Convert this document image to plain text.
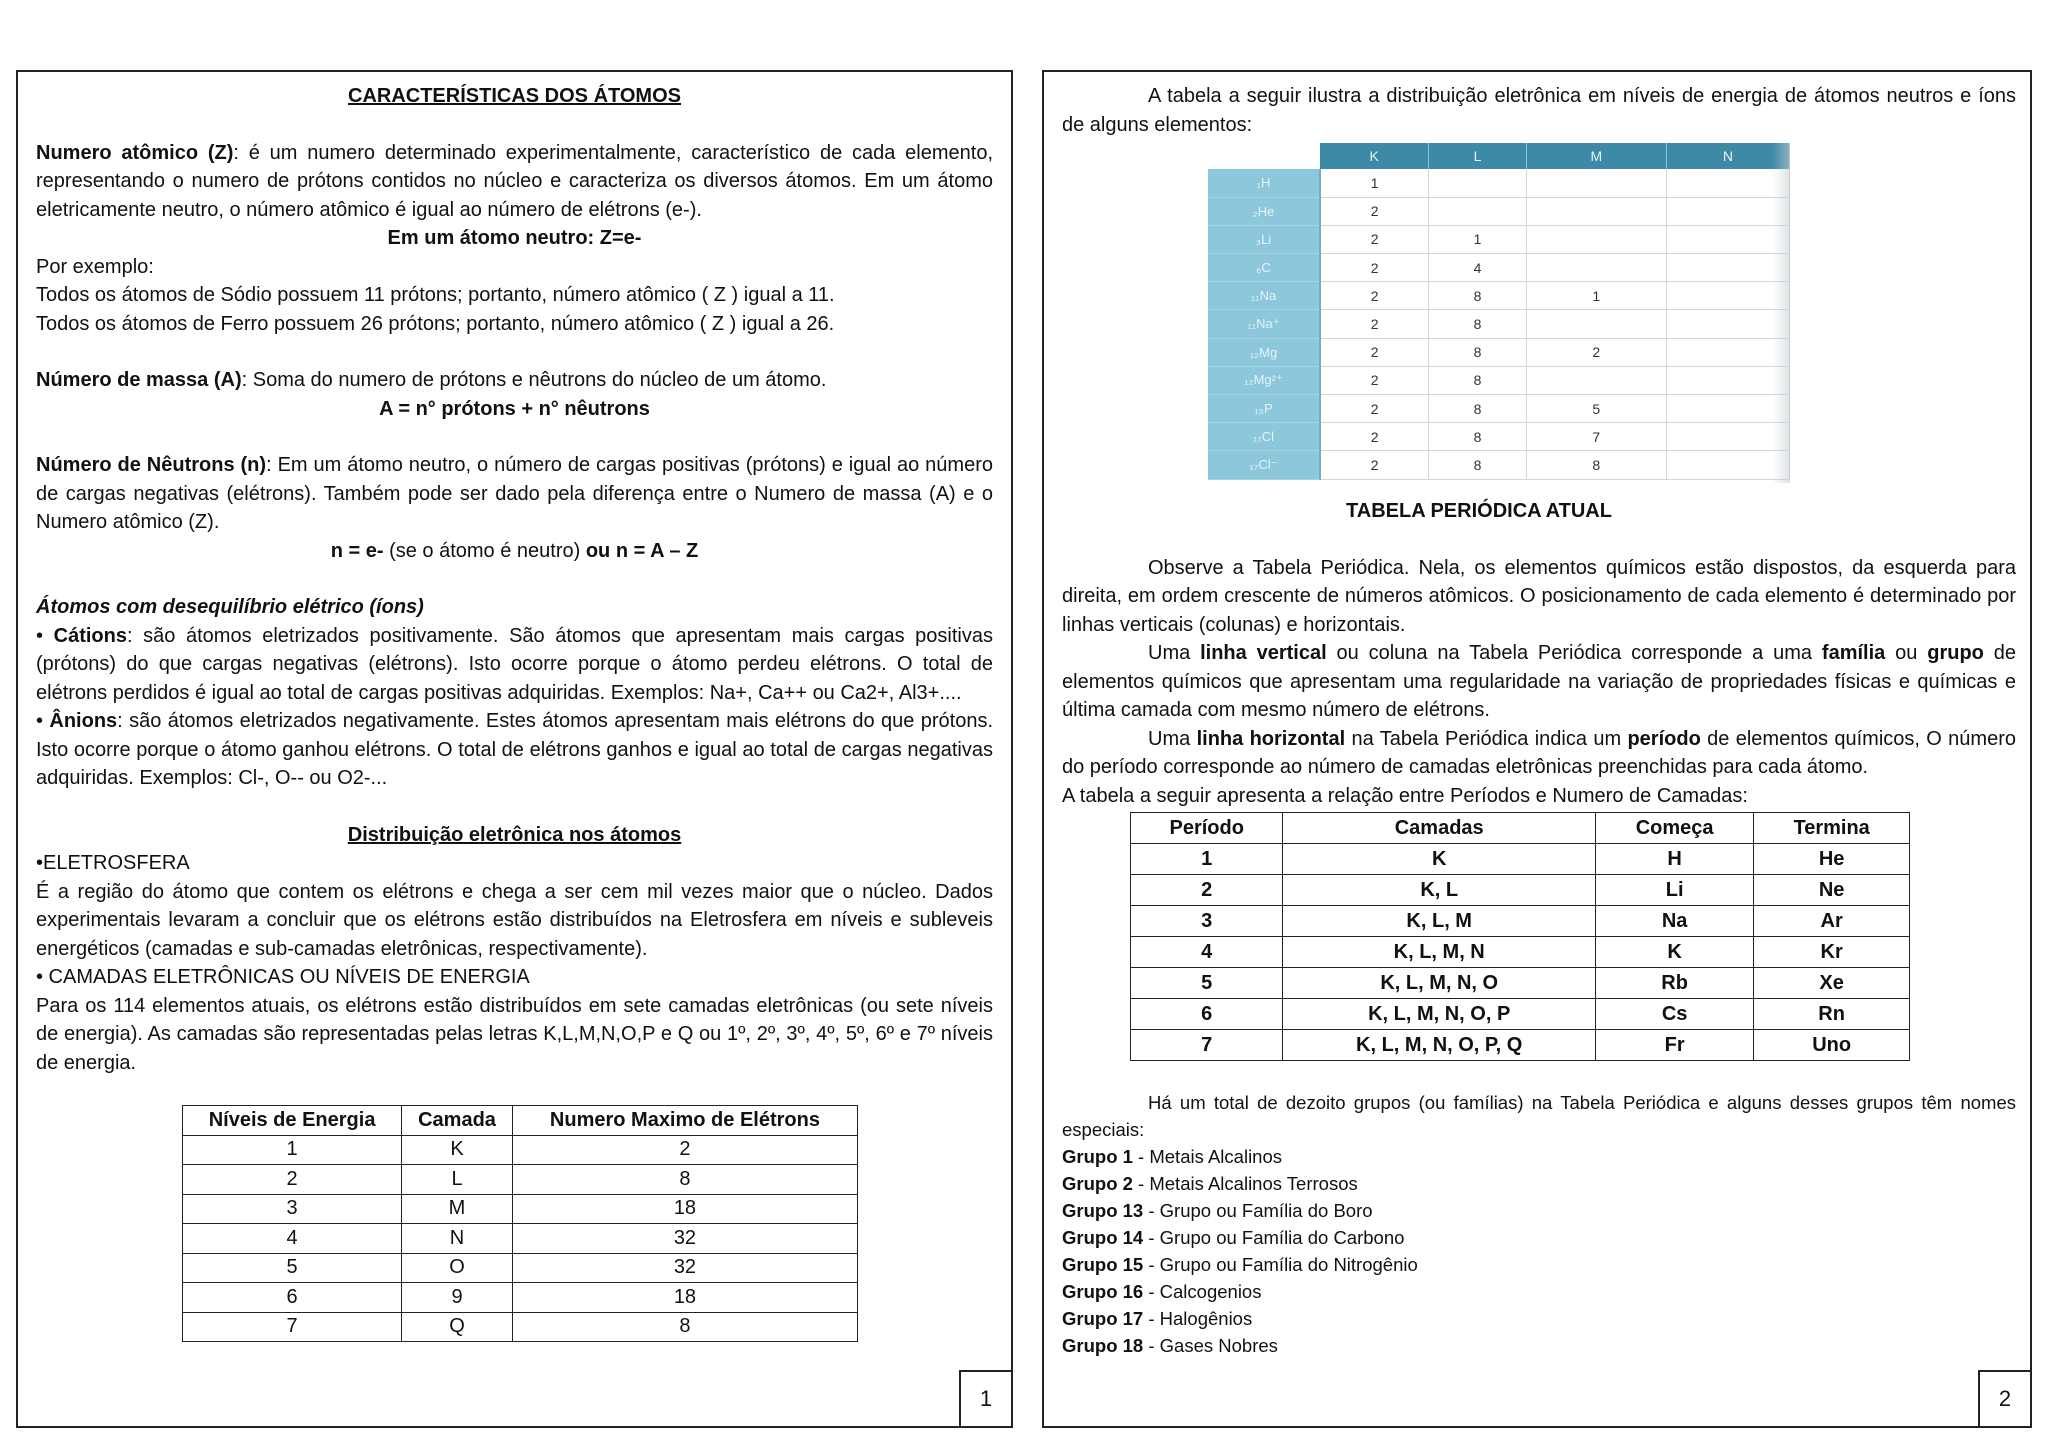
CARACTERÍSTICAS DOS ÁTOMOS
Numero atômico (Z): é um numero determinado experimentalmente, característico de cada elemento, representando o numero de prótons contidos no núcleo e caracteriza os diversos átomos. Em um átomo eletricamente neutro, o número atômico é igual ao número de elétrons (e-).
Em um átomo neutro: Z=e-
Por exemplo:
Todos os átomos de Sódio possuem 11 prótons; portanto, número atômico ( Z ) igual a 11.
Todos os átomos de Ferro possuem 26 prótons; portanto, número atômico ( Z ) igual a 26.
Número de massa (A): Soma do numero de prótons e nêutrons do núcleo de um átomo.
A = n° prótons + n° nêutrons
Número de Nêutrons (n): Em um átomo neutro, o número de cargas positivas (prótons) e igual ao número de cargas negativas (elétrons). Também pode ser dado pela diferença entre o Numero de massa (A) e o Numero atômico (Z).
n = e- (se o átomo é neutro) ou n = A – Z
Átomos com desequilíbrio elétrico (íons)
• Cátions: são átomos eletrizados positivamente. São átomos que apresentam mais cargas positivas (prótons) do que cargas negativas (elétrons). Isto ocorre porque o átomo perdeu elétrons. O total de elétrons perdidos é igual ao total de cargas positivas adquiridas. Exemplos: Na+, Ca++ ou Ca2+, Al3+....
• Ânions: são átomos eletrizados negativamente. Estes átomos apresentam mais elétrons do que prótons. Isto ocorre porque o átomo ganhou elétrons. O total de elétrons ganhos e igual ao total de cargas negativas adquiridas. Exemplos: Cl-, O-- ou O2-...
Distribuição eletrônica nos átomos
•ELETROSFERA
É a região do átomo que contem os elétrons e chega a ser cem mil vezes maior que o núcleo. Dados experimentais levaram a concluir que os elétrons estão distribuídos na Eletrosfera em níveis e subleveis energéticos (camadas e sub-camadas eletrônicas, respectivamente).
• CAMADAS ELETRÔNICAS OU NÍVEIS DE ENERGIA
Para os 114 elementos atuais, os elétrons estão distribuídos em sete camadas eletrônicas (ou sete níveis de energia). As camadas são representadas pelas letras K,L,M,N,O,P e Q ou 1º, 2º, 3º, 4º, 5º, 6º e 7º níveis de energia.
Níveis de Energia	Camada	Numero Maximo de Elétrons
1	K	2
2	L	8
3	M	18
4	N	32
5	O	32
6	9	18
7	Q	8
1
A tabela a seguir ilustra a distribuição eletrônica em níveis de energia de átomos neutros e íons de alguns elementos:
	K	L	M	N
₁H	1			
₂He	2			
₃Li	2	1		
₆C	2	4		
₁₁Na	2	8	1	
₁₁Na⁺	2	8		
₁₂Mg	2	8	2	
₁₂Mg²⁺	2	8		
₁₅P	2	8	5	
₁₇Cl	2	8	7	
₁₇Cl⁻	2	8	8	
TABELA PERIÓDICA ATUAL
Observe a Tabela Periódica. Nela, os elementos químicos estão dispostos, da esquerda para direita, em ordem crescente de números atômicos. O posicionamento de cada elemento é determinado por linhas verticais (colunas) e horizontais.
Uma linha vertical ou coluna na Tabela Periódica corresponde a uma família ou grupo de elementos químicos que apresentam uma regularidade na variação de propriedades físicas e químicas e última camada com mesmo número de elétrons.
Uma linha horizontal na Tabela Periódica indica um período de elementos químicos, O número do período corresponde ao número de camadas eletrônicas preenchidas para cada átomo.
A tabela a seguir apresenta a relação entre Períodos e Numero de Camadas:
Período	Camadas	Começa	Termina
1	K	H	He
2	K, L	Li	Ne
3	K, L, M	Na	Ar
4	K, L, M, N	K	Kr
5	K, L, M, N, O	Rb	Xe
6	K, L, M, N, O, P	Cs	Rn
7	K, L, M, N, O, P, Q	Fr	Uno
Há um total de dezoito grupos (ou famílias) na Tabela Periódica e alguns desses grupos têm nomes especiais:
Grupo 1 - Metais Alcalinos
Grupo 2 - Metais Alcalinos Terrosos
Grupo 13 - Grupo ou Família do Boro
Grupo 14 - Grupo ou Família do Carbono
Grupo 15 - Grupo ou Família do Nitrogênio
Grupo 16 - Calcogenios
Grupo 17 - Halogênios
Grupo 18 - Gases Nobres
2
